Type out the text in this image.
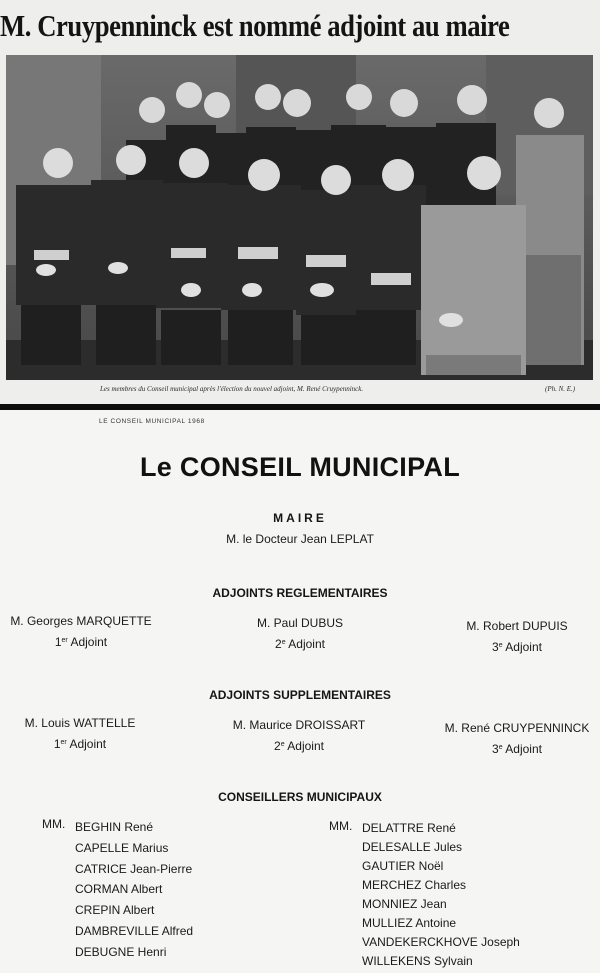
M. Cruypenninck est nommé adjoint au maire
Les membres du Conseil municipal après l'élection du nouvel adjoint, M. René Cruypenninck.	(Ph. N. E.)
LE CONSEIL MUNICIPAL 1968
Le CONSEIL MUNICIPAL
MAIRE
M. le Docteur Jean LEPLAT
ADJOINTS REGLEMENTAIRES
M. Georges MARQUETTE
1er Adjoint
M. Paul DUBUS
2e Adjoint
M. Robert DUPUIS
3e Adjoint
ADJOINTS SUPPLEMENTAIRES
M. Louis WATTELLE
1er Adjoint
M. Maurice DROISSART
2e Adjoint
M. René CRUYPENNINCK
3e Adjoint
CONSEILLERS MUNICIPAUX
MM. BEGHIN René
CAPELLE Marius
CATRICE Jean-Pierre
CORMAN Albert
CREPIN Albert
DAMBREVILLE Alfred
DEBUGNE Henri
MM. DELATTRE René
DELESALLE Jules
GAUTIER Noël
MERCHEZ Charles
MONNIEZ Jean
MULLIEZ Antoine
VANDEKERCKHOVE Joseph
WILLEKENS Sylvain
